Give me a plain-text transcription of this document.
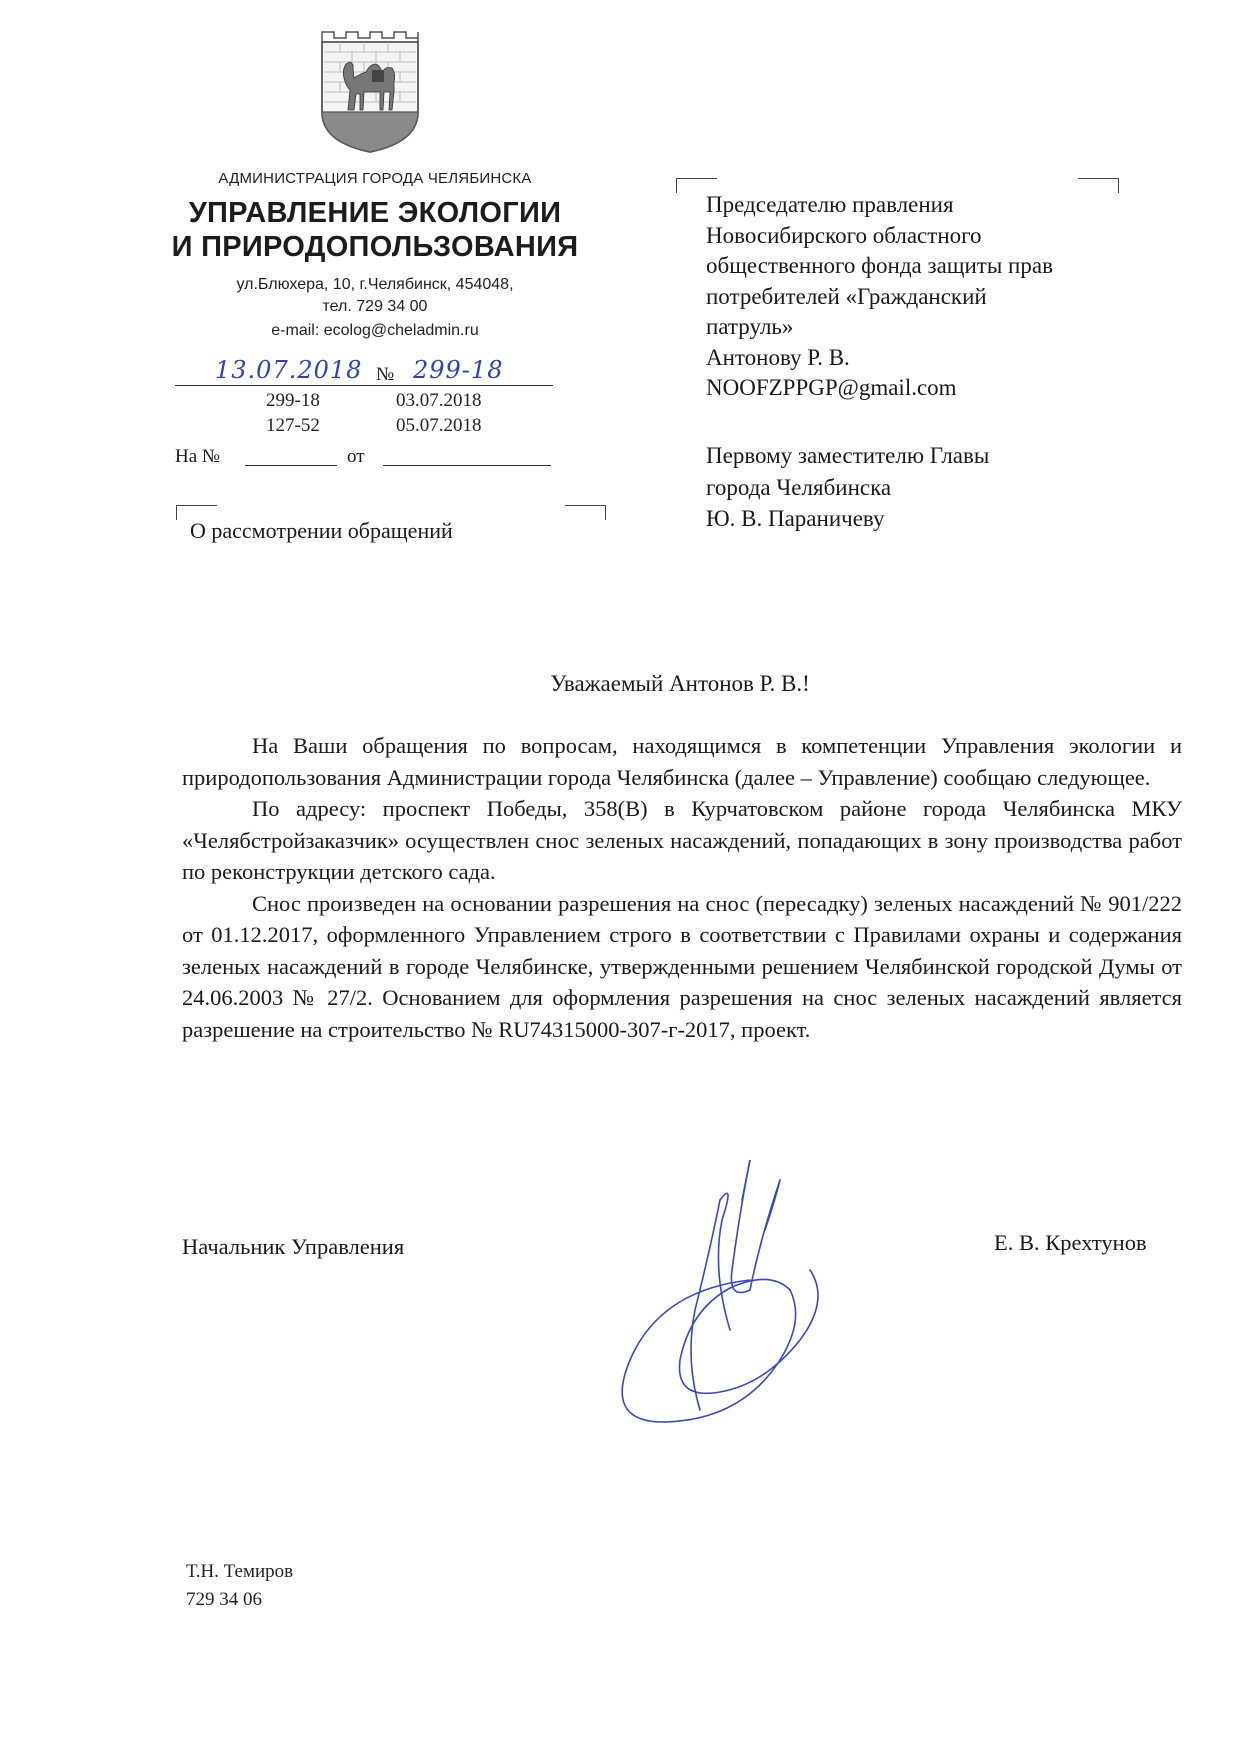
АДМИНИСТРАЦИЯ ГОРОДА ЧЕЛЯБИНСКА
УПРАВЛЕНИЕ ЭКОЛОГИИ
И ПРИРОДОПОЛЬЗОВАНИЯ
ул.Блюхера, 10, г.Челябинск, 454048,
тел. 729 34 00
e-mail: ecolog@cheladmin.ru
13.07.2018 № 299-18
299-18	03.07.2018
127-52	05.07.2018
На №	от
О рассмотрении обращений
Председателю правления
Новосибирского областного
общественного фонда защиты прав
потребителей «Гражданский
патруль»
Антонову Р. В.
NOOFZPPGP@gmail.com
Первому заместителю Главы
города Челябинска
Ю. В. Параничеву
Уважаемый Антонов Р. В.!

На Ваши обращения по вопросам, находящимся в компетенции Управления экологии и природопользования Администрации города Челябинска (далее – Управление) сообщаю следующее.

По адресу: проспект Победы, 358(В) в Курчатовском районе города Челябинска МКУ «Челябстройзаказчик» осуществлен снос зеленых насаждений, попадающих в зону производства работ по реконструкции детского сада.

Снос произведен на основании разрешения на снос (пересадку) зеленых насаждений № 901/222 от 01.12.2017, оформленного Управлением строго в соответствии с Правилами охраны и содержания зеленых насаждений в городе Челябинске, утвержденными решением Челябинской городской Думы от 24.06.2003 № 27/2. Основанием для оформления разрешения на снос зеленых насаждений является разрешение на строительство № RU74315000-307-г-2017, проект.

Начальник Управления	Е. В. Крехтунов
Т.Н. Темиров
729 34 06
